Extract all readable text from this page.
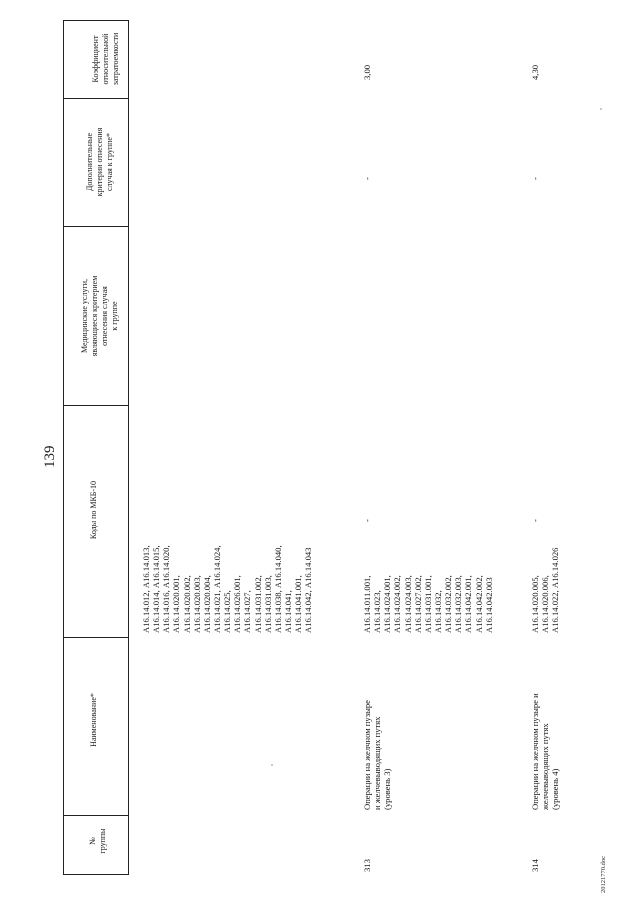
Коэффициент относительной затратоемкости
Дополнительные критерии отнесения случая к группе*
Медицинские услуги, являющиеся критерием отнесения случая к группе
Коды по МКБ-10
Наименование*
№ группы
139
А16.14.012, А16.14.013, А16.14.014, А16.14.015, А16.14.016, А16.14.020, А16.14.020.001, А16.14.020.002, А16.14.020.003, А16.14.020.004, А16.14.021, А16.14.024, А16.14.025, А16.14.026.001, А16.14.027, А16.14.031.002, А16.14.031.003, А16.14.038, А16.14.040, А16.14.041, А16.14.041.001, А16.14.042, А16.14.043
313
Операции на желчном пузыре и желчевыводящих путях (уровень 3)
-
А16.14.011.001, А16.14.023, А16.14.024.001, А16.14.024.002, А16.14.024.003, А16.14.027.002, А16.14.031.001, А16.14.032, А16.14.032.002, А16.14.032.003, А16.14.042.001, А16.14.042.002, А16.14.042.003
-
3,00
314
Операции на желчном пузыре и желчевыводящих путях (уровень 4)
-
А16.14.020.005, А16.14.020.006, А16.14.022, А16.14.026
-
4,30
20121770.doc
